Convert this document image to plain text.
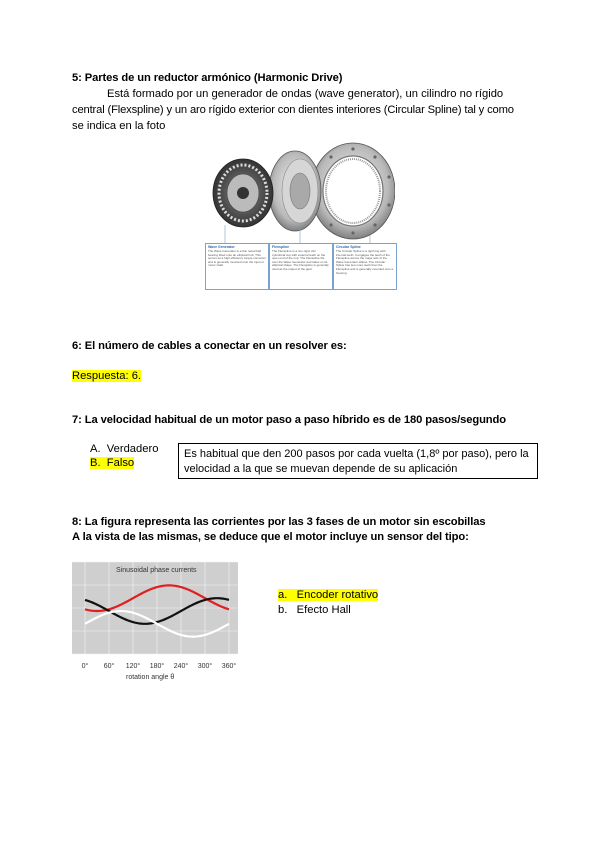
5: Partes de un reductor armónico (Harmonic Drive)
Está formado por un generador de ondas (wave generator), un cilindro no rígido
central (Flexspline) y un aro rígido exterior con dientes interiores (Circular Spline) tal y como
se indica en la foto
Wave Generator
The Wave Generator is a thin raced ball bearing fitted onto an elliptical hub. This serves as a high efficiency torque converter and is generally mounted onto the input or motor shaft.
Flexspline
The Flexspline is a non-rigid, thin cylindrical cup with external teeth on the open end of the cup. The Flexspline fits over the Wave Generator and takes on its elliptical shape. The Flexspline is generally used as the output of the gear.
Circular Spline
The Circular Spline is a rigid ring with internal teeth. It engages the teeth of the Flexspline across the major axis of the Wave Generator ellipse. The Circular Spline has two more teeth than the Flexspline and is generally mounted onto a housing.
6: El número de cables a conectar en un resolver es:
Respuesta: 6.
7: La velocidad habitual de un motor paso a paso híbrido es de 180 pasos/segundo
A. Verdadero
B. Falso
Es habitual que den 200 pasos por cada vuelta (1,8º por paso), pero la
velocidad a la que se muevan depende de su aplicación
8: La figura representa las corrientes por las 3 fases de un motor sin escobillas
A la vista de las mismas, se deduce que el motor incluye un sensor del tipo:
Sinusoidal phase currents
0° 60° 120° 180° 240° 300° 360°
rotation angle θ
a. Encoder rotativo
b. Efecto Hall
